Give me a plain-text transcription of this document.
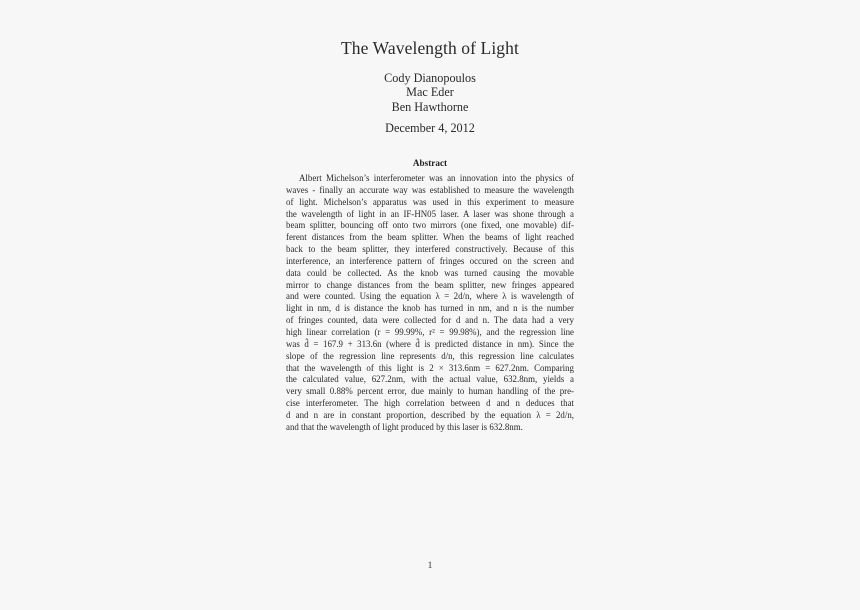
The Wavelength of Light
Cody Dianopoulos
Mac Eder
Ben Hawthorne
December 4, 2012
Abstract
Albert Michelson’s interferometer was an innovation into the physics of
waves - finally an accurate way was established to measure the wavelength
of light. Michelson’s apparatus was used in this experiment to measure
the wavelength of light in an IF-HN05 laser. A laser was shone through a
beam splitter, bouncing off onto two mirrors (one fixed, one movable) dif-
ferent distances from the beam splitter. When the beams of light reached
back to the beam splitter, they interfered constructively. Because of this
interference, an interference pattern of fringes occured on the screen and
data could be collected. As the knob was turned causing the movable
mirror to change distances from the beam splitter, new fringes appeared
and were counted. Using the equation λ = 2d/n, where λ is wavelength of
light in nm, d is distance the knob has turned in nm, and n is the number
of fringes counted, data were collected for d and n. The data had a very
high linear correlation (r = 99.99%, r² = 99.98%), and the regression line
was d̂ = 167.9 + 313.6n (where d̂ is predicted distance in nm). Since the
slope of the regression line represents d/n, this regression line calculates
that the wavelength of this light is 2 × 313.6nm = 627.2nm. Comparing
the calculated value, 627.2nm, with the actual value, 632.8nm, yields a
very small 0.88% percent error, due mainly to human handling of the pre-
cise interferometer. The high correlation between d and n deduces that
d and n are in constant proportion, described by the equation λ = 2d/n,
and that the wavelength of light produced by this laser is 632.8nm.
1
